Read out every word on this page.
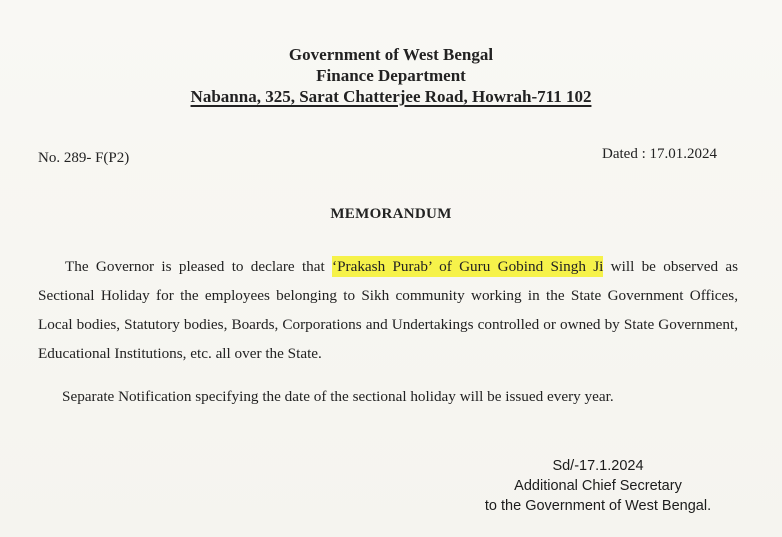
Government of West Bengal
Finance Department
Nabanna, 325, Sarat Chatterjee Road, Howrah-711 102
No. 289- F(P2)	Dated : 17.01.2024
MEMORANDUM
The Governor is pleased to declare that ‘Prakash Purab’ of Guru Gobind Singh Ji will be observed as Sectional Holiday for the employees belonging to Sikh community working in the State Government Offices, Local bodies, Statutory bodies, Boards, Corporations and Undertakings controlled or owned by State Government, Educational Institutions, etc. all over the State.
Separate Notification specifying the date of the sectional holiday will be issued every year.
Sd/-17.1.2024
Additional Chief Secretary
to the Government of West Bengal.
